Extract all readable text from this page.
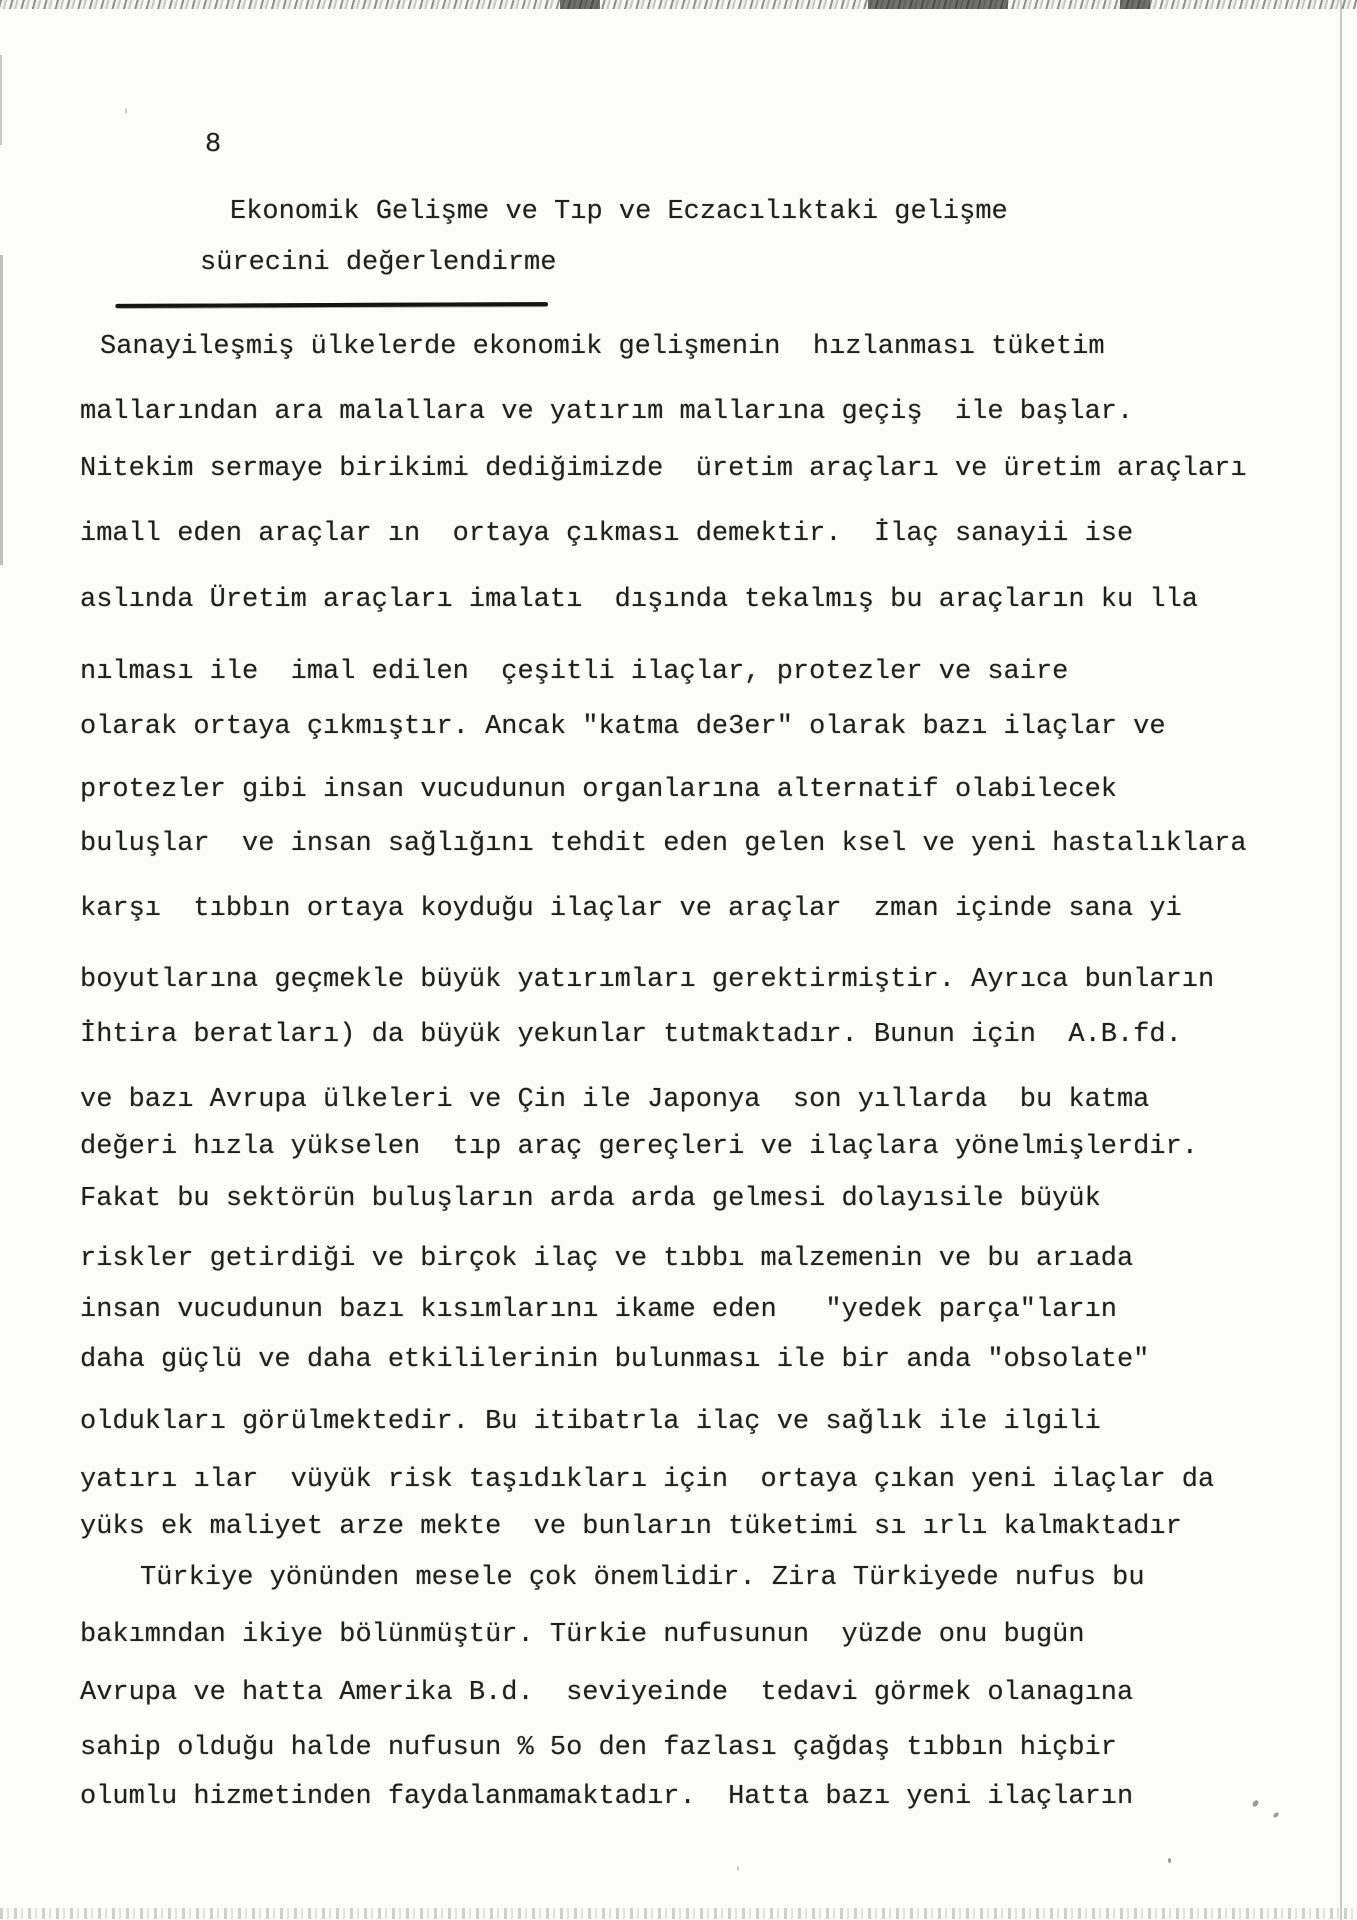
8
Ekonomik Gelişme ve Tıp ve Eczacılıktaki gelişme
sürecini değerlendirme
Sanayileşmiş ülkelerde ekonomik gelişmenin  hızlanması tüketim
mallarından ara malallara ve yatırım mallarına geçiş  ile başlar.
Nitekim sermaye birikimi dediğimizde  üretim araçları ve üretim araçları
imall eden araçlar ın  ortaya çıkması demektir.  İlaç sanayii ise
aslında Üretim araçları imalatı  dışında tekalmış bu araçların ku lla
nılması ile  imal edilen  çeşitli ilaçlar, protezler ve saire
olarak ortaya çıkmıştır. Ancak "katma de3er" olarak bazı ilaçlar ve
protezler gibi insan vucudunun organlarına alternatif olabilecek
buluşlar  ve insan sağlığını tehdit eden gelen ksel ve yeni hastalıklara
karşı  tıbbın ortaya koyduğu ilaçlar ve araçlar  zman içinde sana yi
boyutlarına geçmekle büyük yatırımları gerektirmiştir. Ayrıca bunların
İhtira beratları) da büyük yekunlar tutmaktadır. Bunun için  A.B.fd.
ve bazı Avrupa ülkeleri ve Çin ile Japonya  son yıllarda  bu katma
değeri hızla yükselen  tıp araç gereçleri ve ilaçlara yönelmişlerdir.
Fakat bu sektörün buluşların arda arda gelmesi dolayısile büyük
riskler getirdiği ve birçok ilaç ve tıbbı malzemenin ve bu arıada
insan vucudunun bazı kısımlarını ikame eden   "yedek parça"ların
daha güçlü ve daha etkililerinin bulunması ile bir anda "obsolate"
oldukları görülmektedir. Bu itibatrla ilaç ve sağlık ile ilgili
yatırı ılar  vüyük risk taşıdıkları için  ortaya çıkan yeni ilaçlar da
yüks ek maliyet arze mekte  ve bunların tüketimi sı ırlı kalmaktadır
Türkiye yönünden mesele çok önemlidir. Zira Türkiyede nufus bu
bakımndan ikiye bölünmüştür. Türkie nufusunun  yüzde onu bugün
Avrupa ve hatta Amerika B.d.  seviyeinde  tedavi görmek olanagına
sahip olduğu halde nufusun % 5o den fazlası çağdaş tıbbın hiçbir
olumlu hizmetinden faydalanmamaktadır.  Hatta bazı yeni ilaçların
